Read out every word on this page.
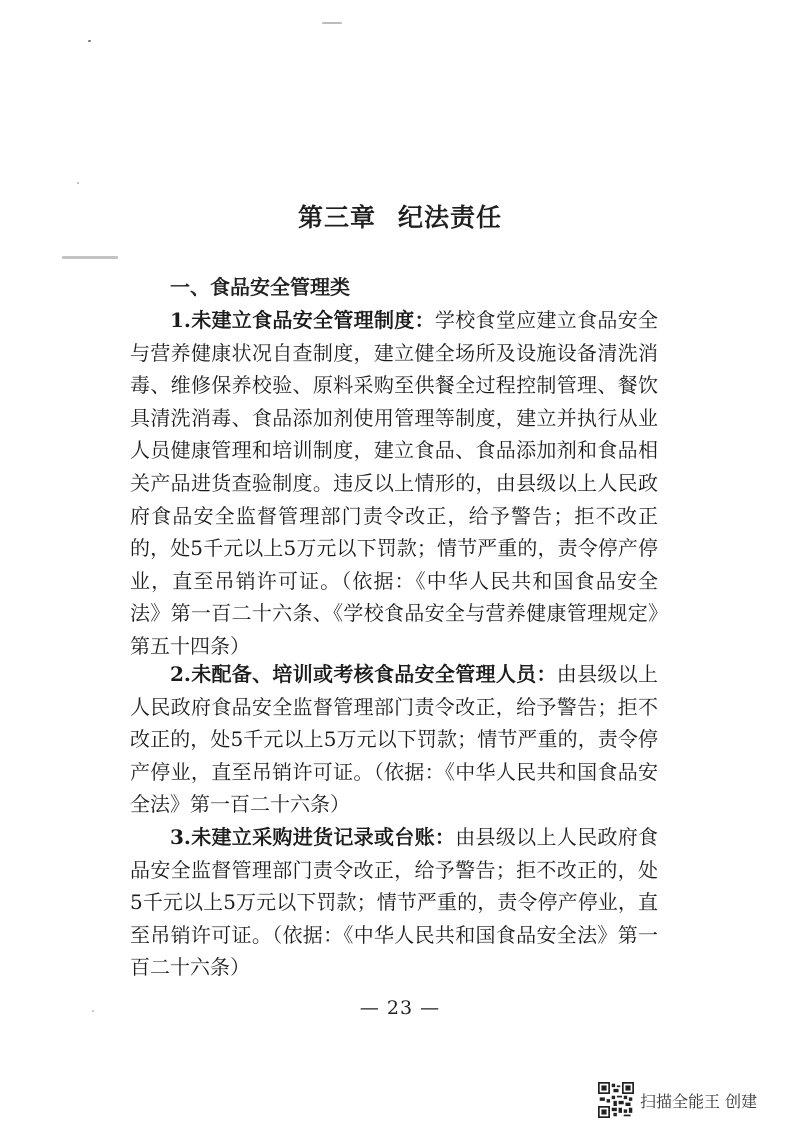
第三章 纪法责任
一、食品安全管理类
1.未建立食品安全管理制度：学校食堂应建立食品安全与营养健康状况自查制度，建立健全场所及设施设备清洗消毒、维修保养校验、原料采购至供餐全过程控制管理、餐饮具清洗消毒、食品添加剂使用管理等制度，建立并执行从业人员健康管理和培训制度，建立食品、食品添加剂和食品相关产品进货查验制度。违反以上情形的，由县级以上人民政府食品安全监督管理部门责令改正，给予警告；拒不改正的，处5千元以上5万元以下罚款；情节严重的，责令停产停业，直至吊销许可证。（依据：《中华人民共和国食品安全法》第一百二十六条、《学校食品安全与营养健康管理规定》第五十四条）
2.未配备、培训或考核食品安全管理人员：由县级以上人民政府食品安全监督管理部门责令改正，给予警告；拒不改正的，处5千元以上5万元以下罚款；情节严重的，责令停产停业，直至吊销许可证。（依据：《中华人民共和国食品安全法》第一百二十六条）
3.未建立采购进货记录或台账：由县级以上人民政府食品安全监督管理部门责令改正，给予警告；拒不改正的，处5千元以上5万元以下罚款；情节严重的，责令停产停业，直至吊销许可证。（依据：《中华人民共和国食品安全法》第一百二十六条）
— 23 —
扫描全能王 创建
